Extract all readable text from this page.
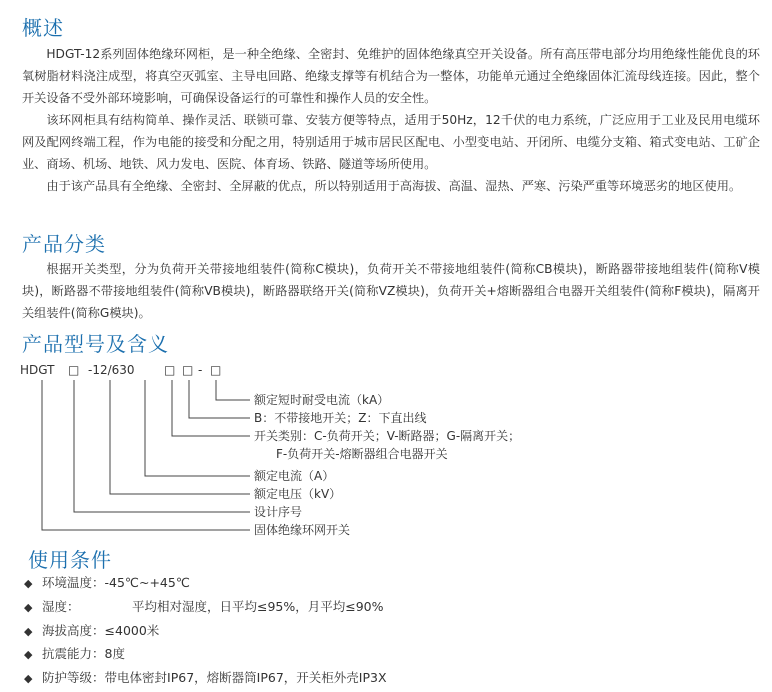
概述

HDGT-12系列固体绝缘环网柜，是一种全绝缘、全密封、免维护的固体绝缘真空开关设备。所有高压带电部分均用绝缘性能优良的环氧树脂材料浇注成型，将真空灭弧室、主导电回路、绝缘支撑等有机结合为一整体，功能单元通过全绝缘固体汇流母线连接。因此，整个开关设备不受外部环境影响，可确保设备运行的可靠性和操作人员的安全性。

该环网柜具有结构简单、操作灵活、联锁可靠、安装方便等特点，适用于50Hz，12千伏的电力系统，广泛应用于工业及民用电缆环网及配网终端工程，作为电能的接受和分配之用，特别适用于城市居民区配电、小型变电站、开闭所、电缆分支箱、箱式变电站、工矿企业、商场、机场、地铁、风力发电、医院、体育场、铁路、隧道等场所使用。

由于该产品具有全绝缘、全密封、全屏蔽的优点，所以特别适用于高海拔、高温、湿热、严寒、污染严重等环境恶劣的地区使用。

产品分类

根据开关类型，分为负荷开关带接地组装件(简称C模块)，负荷开关不带接地组装件(简称CB模块)，断路器带接地组装件(简称V模块)，断路器不带接地组装件(简称VB模块)，断路器联络开关(简称VZ模块)，负荷开关+熔断器组合电器开关组装件(简称F模块)，隔离开关组装件(简称G模块)。

产品型号及含义
HDGT □ -12/630 □ □ - □
额定短时耐受电流（kA）
B：不带接地开关；Z：下直出线
开关类别：C-负荷开关；V-断路器；G-隔离开关；
F-负荷开关-熔断器组合电器开关
额定电流（A）
额定电压（kV）
设计序号
固体绝缘环网开关
使用条件
◆ 环境温度：-45℃~+45℃
◆ 湿度：	平均相对湿度，日平均≤95%，月平均≤90%
◆ 海拔高度：≤4000米
◆ 抗震能力：8度
◆ 防护等级：带电体密封IP67，熔断器筒IP67，开关柜外壳IP3X
